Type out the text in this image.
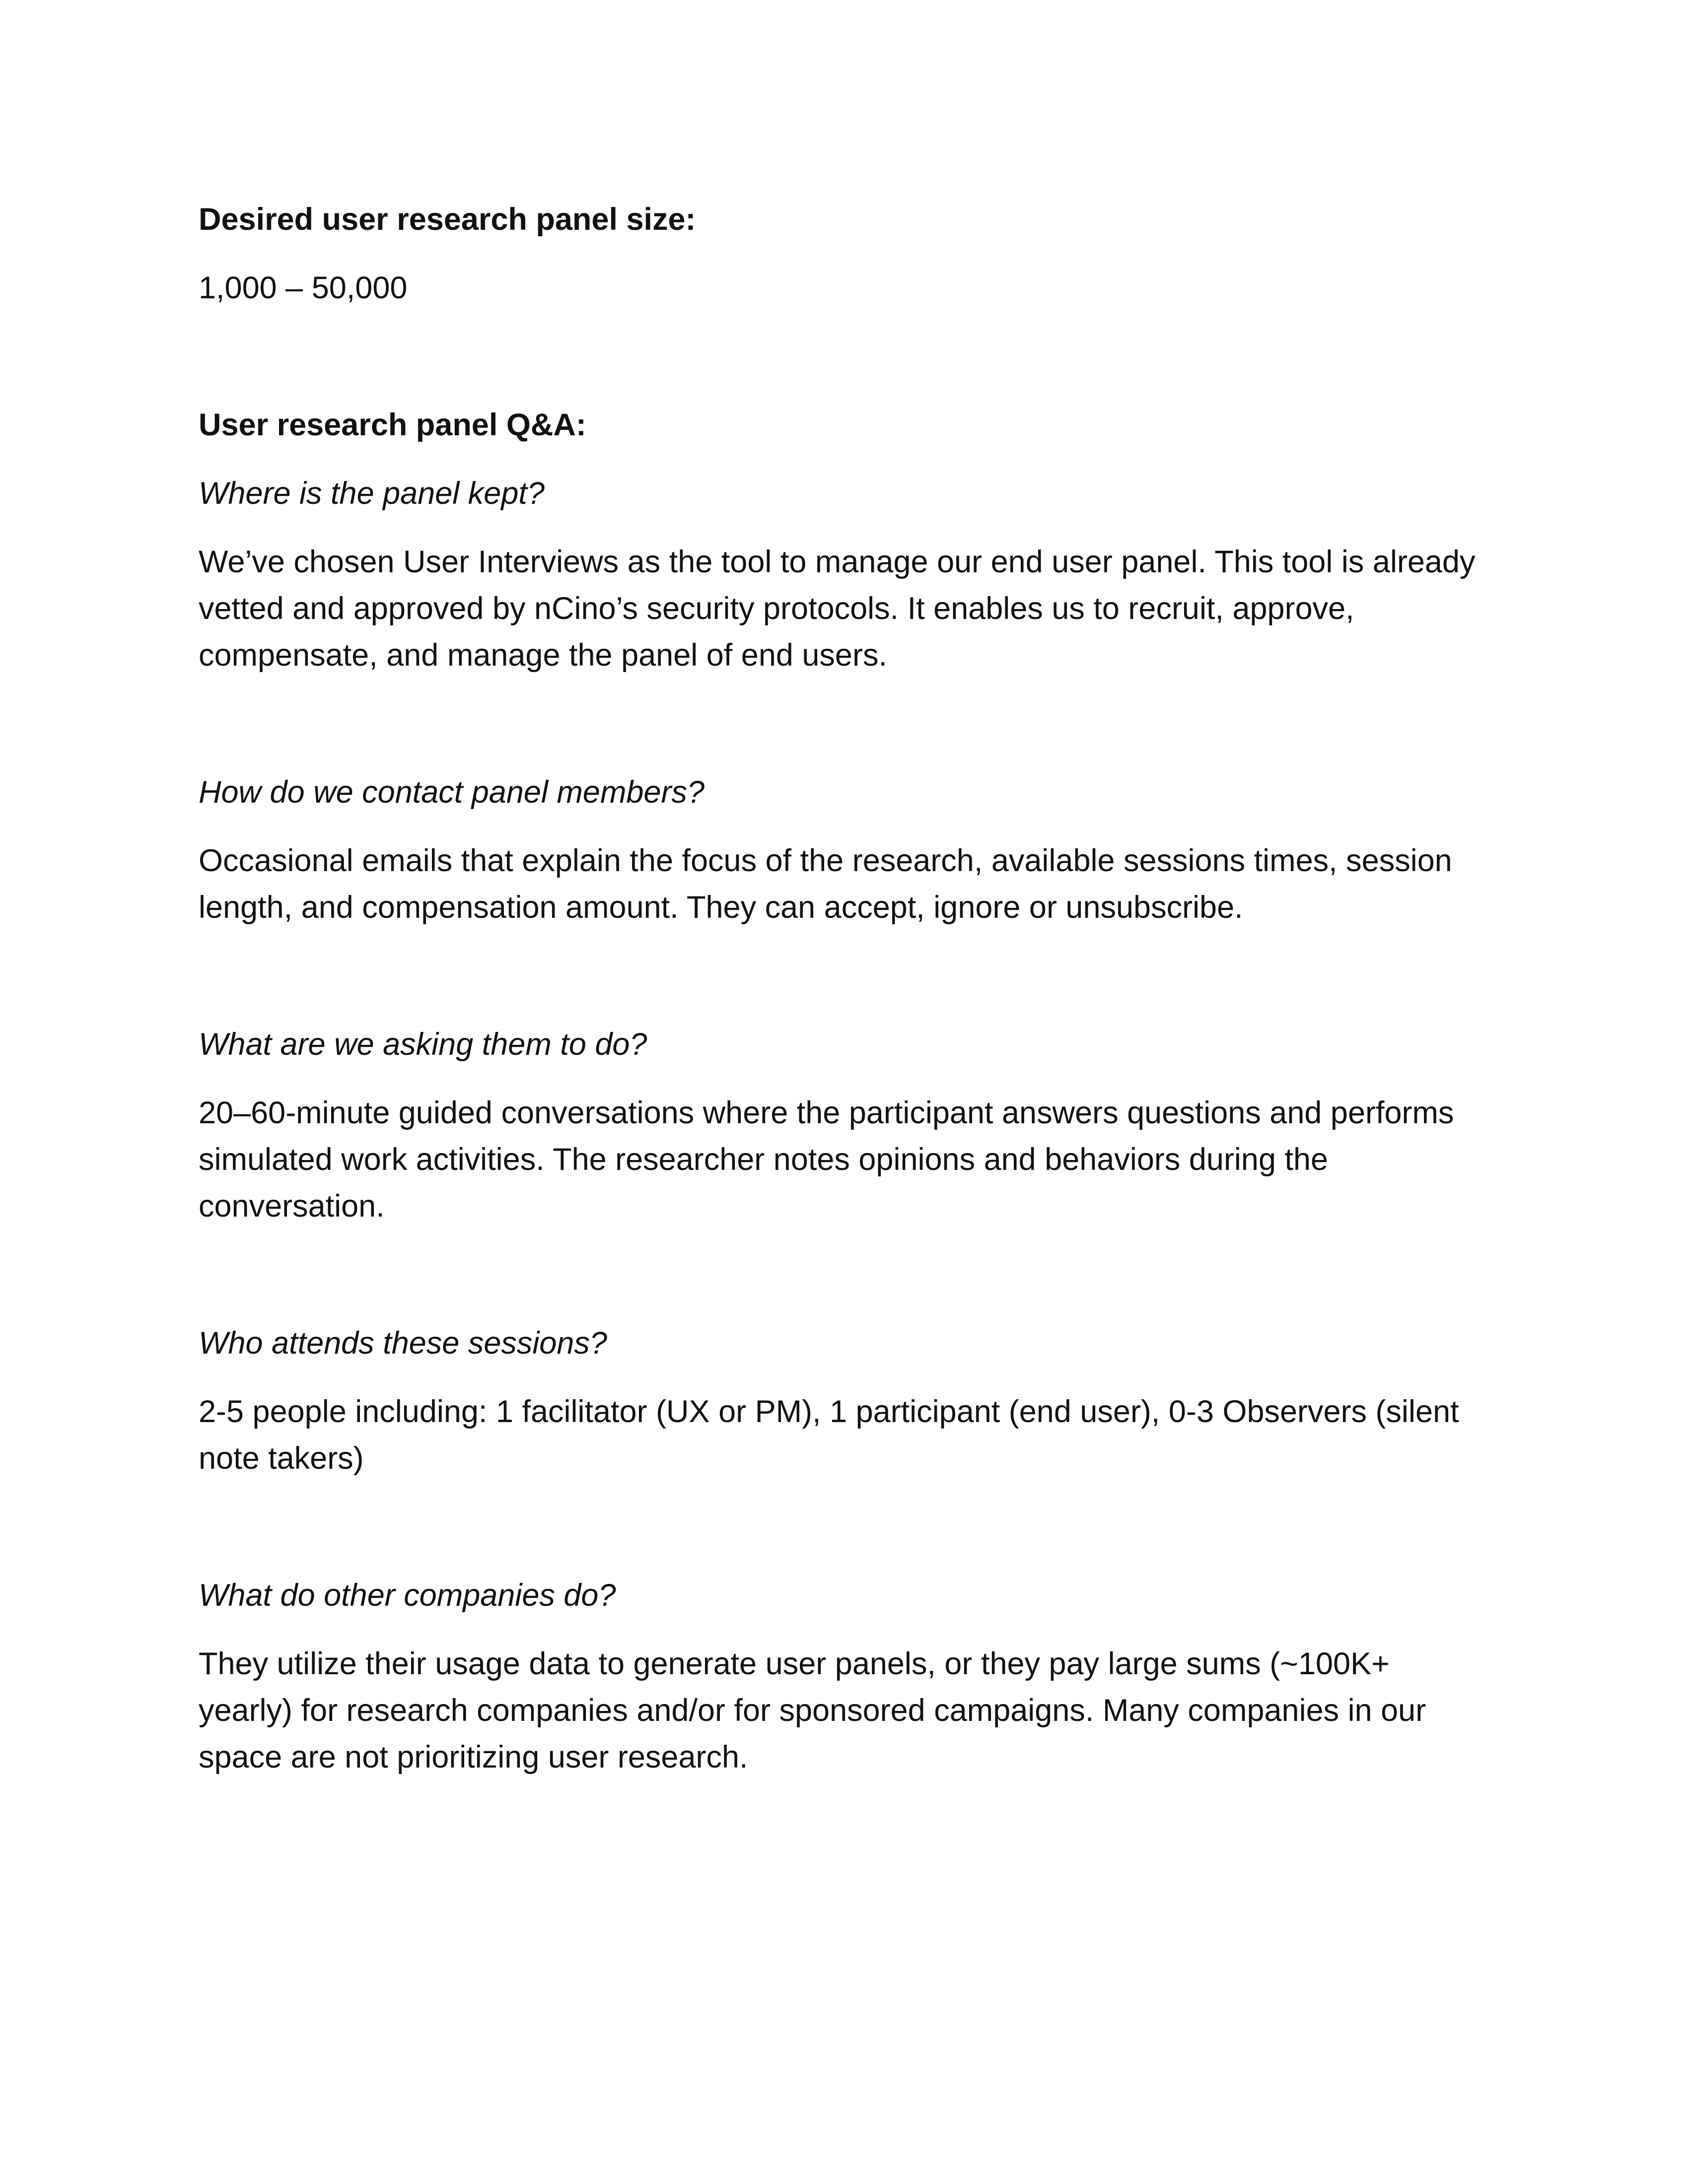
Desired user research panel size:

1,000 – 50,000

User research panel Q&A:

Where is the panel kept?

We’ve chosen User Interviews as the tool to manage our end user panel. This tool is already vetted and approved by nCino’s security protocols. It enables us to recruit, approve, compensate, and manage the panel of end users.

How do we contact panel members?

Occasional emails that explain the focus of the research, available sessions times, session length, and compensation amount. They can accept, ignore or unsubscribe.

What are we asking them to do?

20–60-minute guided conversations where the participant answers questions and performs simulated work activities. The researcher notes opinions and behaviors during the conversation.

Who attends these sessions?

2-5 people including: 1 facilitator (UX or PM), 1 participant (end user), 0-3 Observers (silent note takers)

What do other companies do?

They utilize their usage data to generate user panels, or they pay large sums (~100K+ yearly) for research companies and/or for sponsored campaigns. Many companies in our space are not prioritizing user research.
